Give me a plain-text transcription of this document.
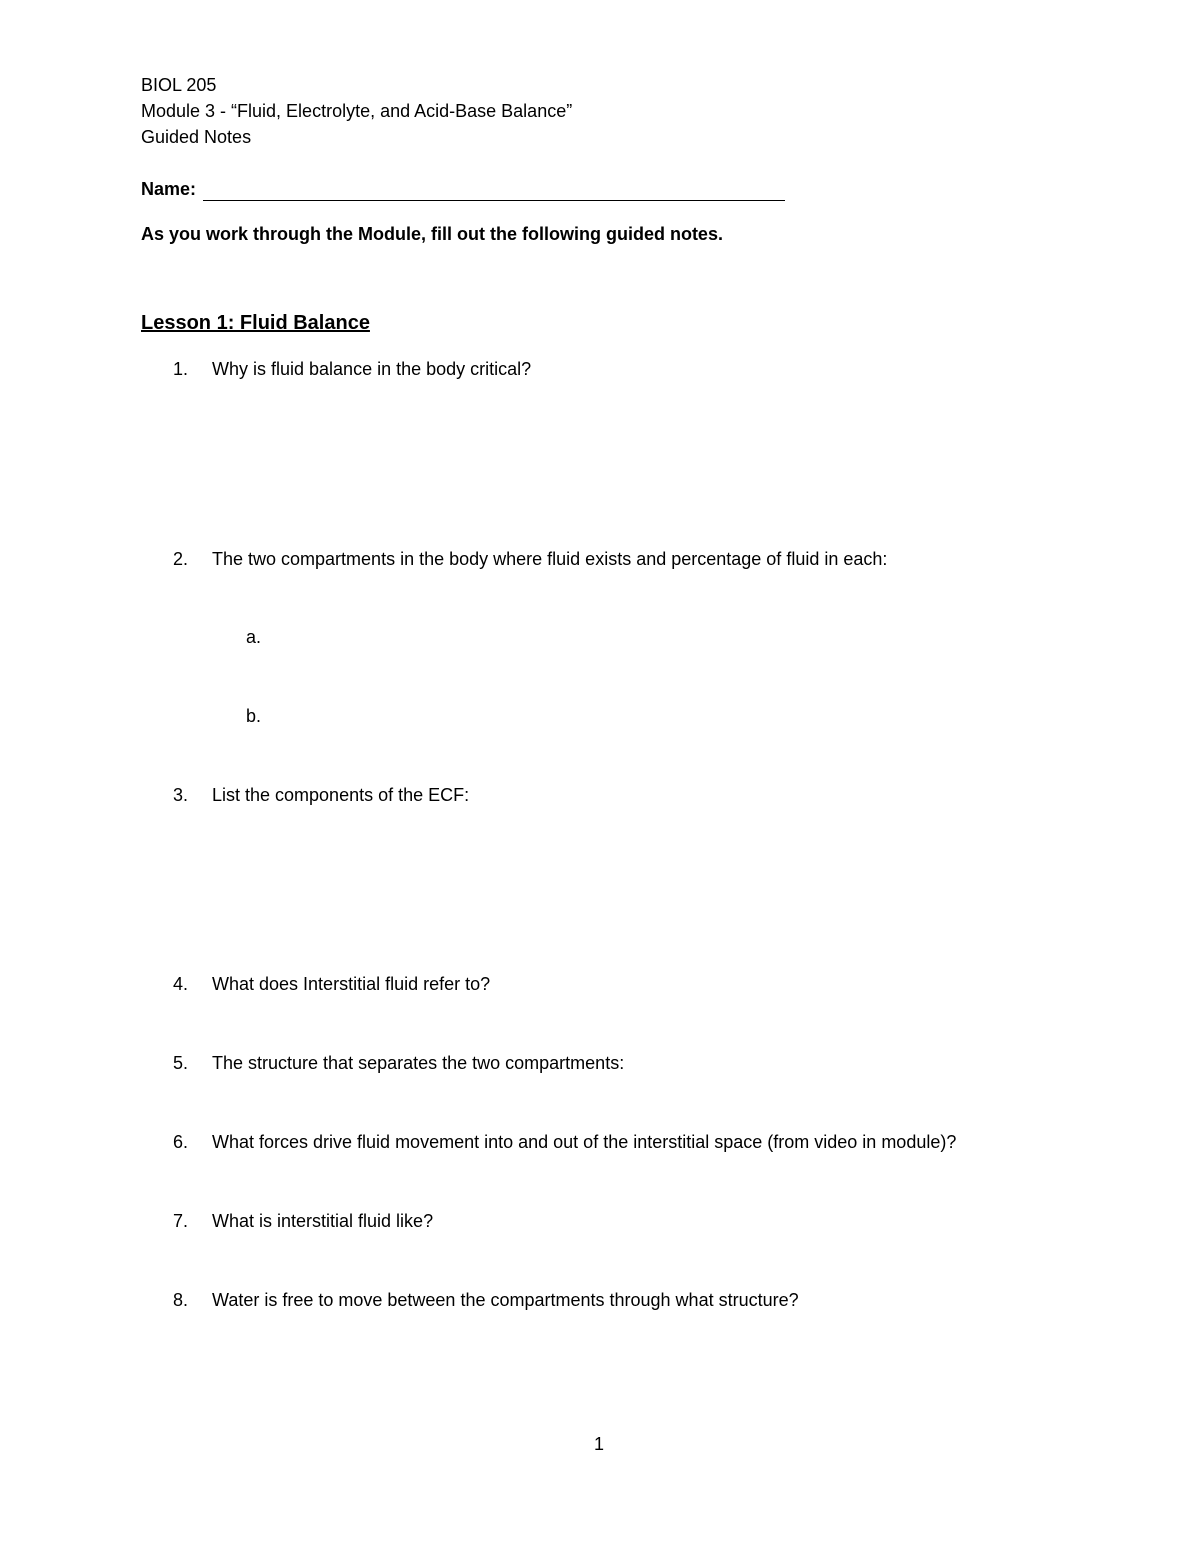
BIOL 205
Module 3 - “Fluid, Electrolyte, and Acid-Base Balance”
Guided Notes
Name:
As you work through the Module, fill out the following guided notes.
Lesson 1: Fluid Balance
1. Why is fluid balance in the body critical?
2. The two compartments in the body where fluid exists and percentage of fluid in each:
a.
b.
3. List the components of the ECF:
4. What does Interstitial fluid refer to?
5. The structure that separates the two compartments:
6. What forces drive fluid movement into and out of the interstitial space (from video in module)?
7. What is interstitial fluid like?
8. Water is free to move between the compartments through what structure?
1
